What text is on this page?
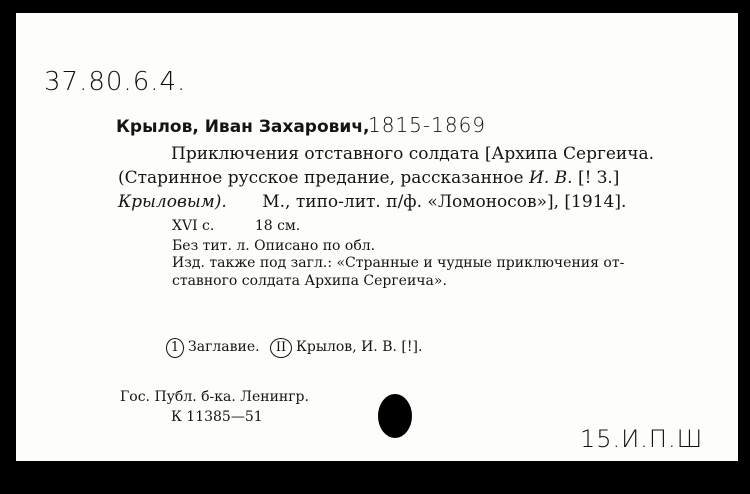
37.80.6.4.
Крылов, Иван Захарович,
1815-1869
Приключения отставного солдата [Архипа Сергеича.
(Старинное русское предание, рассказанное И. В. [! З.]
Крыловым). М., типо-лит. п/ф. «Ломоносов»], [1914].
XVI с.	18 см.
Без тит. л. Описано по обл.
Изд. также под загл.: «Странные и чудные приключения от-
ставного солдата Архипа Сергеича».
1 Заглавие. II Крылов, И. В. [!].
Гос. Публ. б-ка. Ленингр.
К 11385—51
15.И.П.Ш
